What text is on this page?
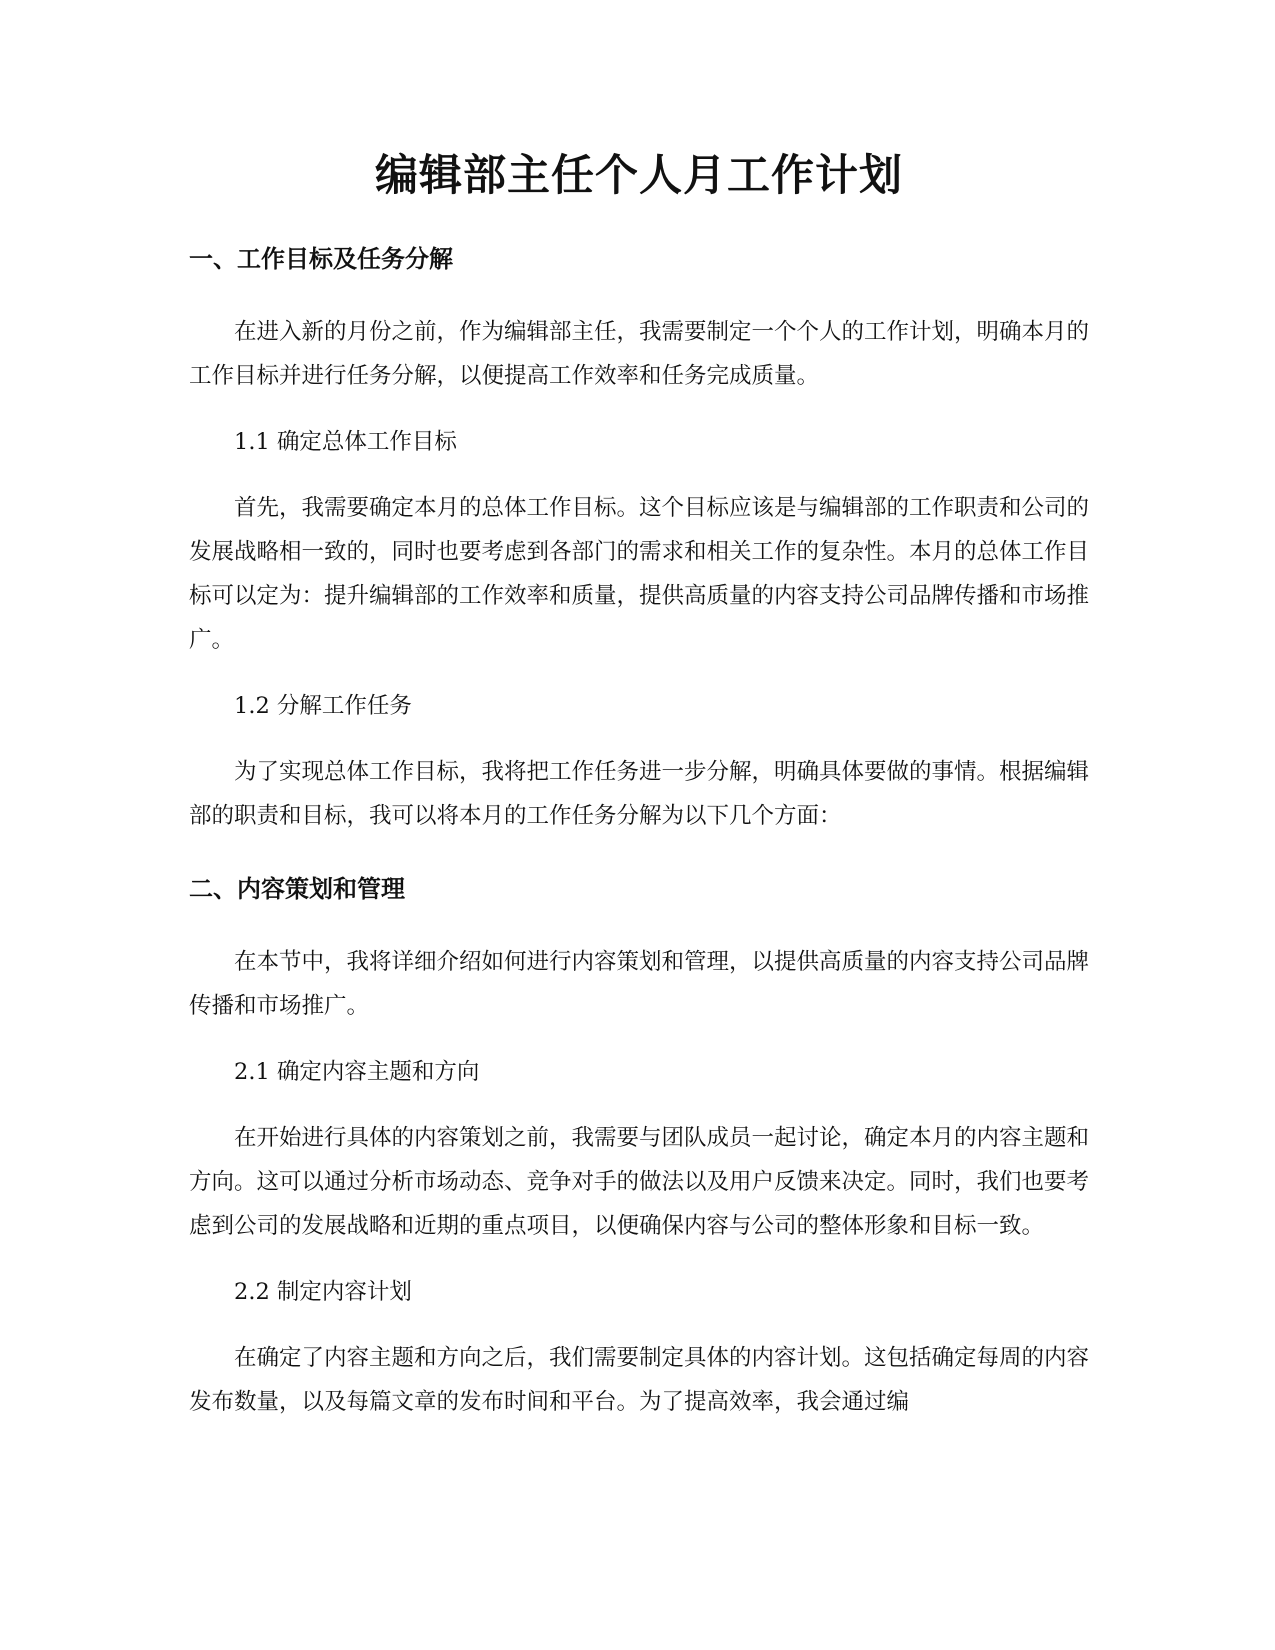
编辑部主任个人月工作计划
一、工作目标及任务分解

在进入新的月份之前，作为编辑部主任，我需要制定一个个人的工作计划，明确本月的工作目标并进行任务分解，以便提高工作效率和任务完成质量。

1.1 确定总体工作目标

首先，我需要确定本月的总体工作目标。这个目标应该是与编辑部的工作职责和公司的发展战略相一致的，同时也要考虑到各部门的需求和相关工作的复杂性。本月的总体工作目标可以定为：提升编辑部的工作效率和质量，提供高质量的内容支持公司品牌传播和市场推广。

1.2 分解工作任务

为了实现总体工作目标，我将把工作任务进一步分解，明确具体要做的事情。根据编辑部的职责和目标，我可以将本月的工作任务分解为以下几个方面：

二、内容策划和管理

在本节中，我将详细介绍如何进行内容策划和管理，以提供高质量的内容支持公司品牌传播和市场推广。

2.1 确定内容主题和方向

在开始进行具体的内容策划之前，我需要与团队成员一起讨论，确定本月的内容主题和方向。这可以通过分析市场动态、竞争对手的做法以及用户反馈来决定。同时，我们也要考虑到公司的发展战略和近期的重点项目，以便确保内容与公司的整体形象和目标一致。

2.2 制定内容计划

在确定了内容主题和方向之后，我们需要制定具体的内容计划。这包括确定每周的内容发布数量，以及每篇文章的发布时间和平台。为了提高效率，我会通过编
